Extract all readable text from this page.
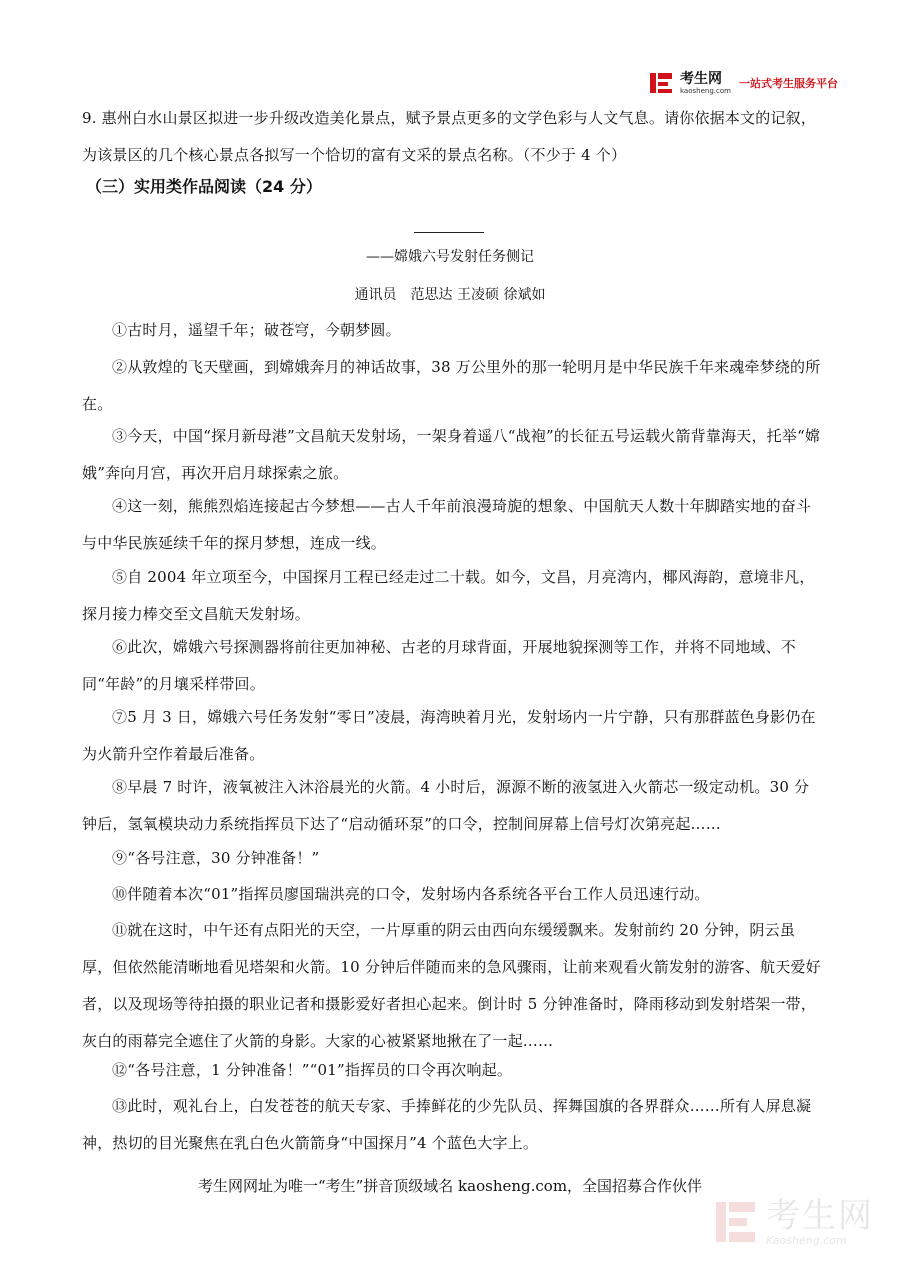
考生网
kaosheng.com
一站式考生服务平台
9. 惠州白水山景区拟进一步升级改造美化景点，赋予景点更多的文学色彩与人文气息。请你依据本文的记叙，为该景区的几个核心景点各拟写一个恰切的富有文采的景点名称。（不少于 4 个）
（三）实用类作品阅读（24 分）
——嫦娥六号发射任务侧记
通讯员　范思达 王凌硕 徐斌如
①古时月，遥望千年；破苍穹，今朝梦圆。
②从敦煌的飞天壁画，到嫦娥奔月的神话故事，38 万公里外的那一轮明月是中华民族千年来魂牵梦绕的所在。
③今天，中国“探月新母港”文昌航天发射场，一架身着遥八“战袍”的长征五号运载火箭背靠海天，托举“嫦娥”奔向月宫，再次开启月球探索之旅。
④这一刻，熊熊烈焰连接起古今梦想——古人千年前浪漫琦旎的想象、中国航天人数十年脚踏实地的奋斗与中华民族延续千年的探月梦想，连成一线。
⑤自 2004 年立项至今，中国探月工程已经走过二十载。如今，文昌，月亮湾内，椰风海韵，意境非凡，探月接力棒交至文昌航天发射场。
⑥此次，嫦娥六号探测器将前往更加神秘、古老的月球背面，开展地貌探测等工作，并将不同地域、不同“年龄”的月壤采样带回。
⑦5 月 3 日，嫦娥六号任务发射“零日”凌晨，海湾映着月光，发射场内一片宁静，只有那群蓝色身影仍在为火箭升空作着最后准备。
⑧早晨 7 时许，液氧被注入沐浴晨光的火箭。4 小时后，源源不断的液氢进入火箭芯一级定动机。30 分钟后，氢氧模块动力系统指挥员下达了“启动循环泵”的口令，控制间屏幕上信号灯次第亮起……
⑨“各号注意，30 分钟准备！”
⑩伴随着本次“01”指挥员廖国瑞洪亮的口令，发射场内各系统各平台工作人员迅速行动。
⑪就在这时，中午还有点阳光的天空，一片厚重的阴云由西向东缓缓飘来。发射前约 20 分钟，阴云虽厚，但依然能清晰地看见塔架和火箭。10 分钟后伴随而来的急风骤雨，让前来观看火箭发射的游客、航天爱好者，以及现场等待拍摄的职业记者和摄影爱好者担心起来。倒计时 5 分钟准备时，降雨移动到发射塔架一带，灰白的雨幕完全遮住了火箭的身影。大家的心被紧紧地揪在了一起……
⑫“各号注意，1 分钟准备！”“01”指挥员的口令再次响起。
⑬此时，观礼台上，白发苍苍的航天专家、手捧鲜花的少先队员、挥舞国旗的各界群众……所有人屏息凝神，热切的目光聚焦在乳白色火箭箭身“中国探月”4 个蓝色大字上。
考生网网址为唯一“考生”拼音顶级域名 kaosheng.com，全国招募合作伙伴
考生网
Kaosheng.com
